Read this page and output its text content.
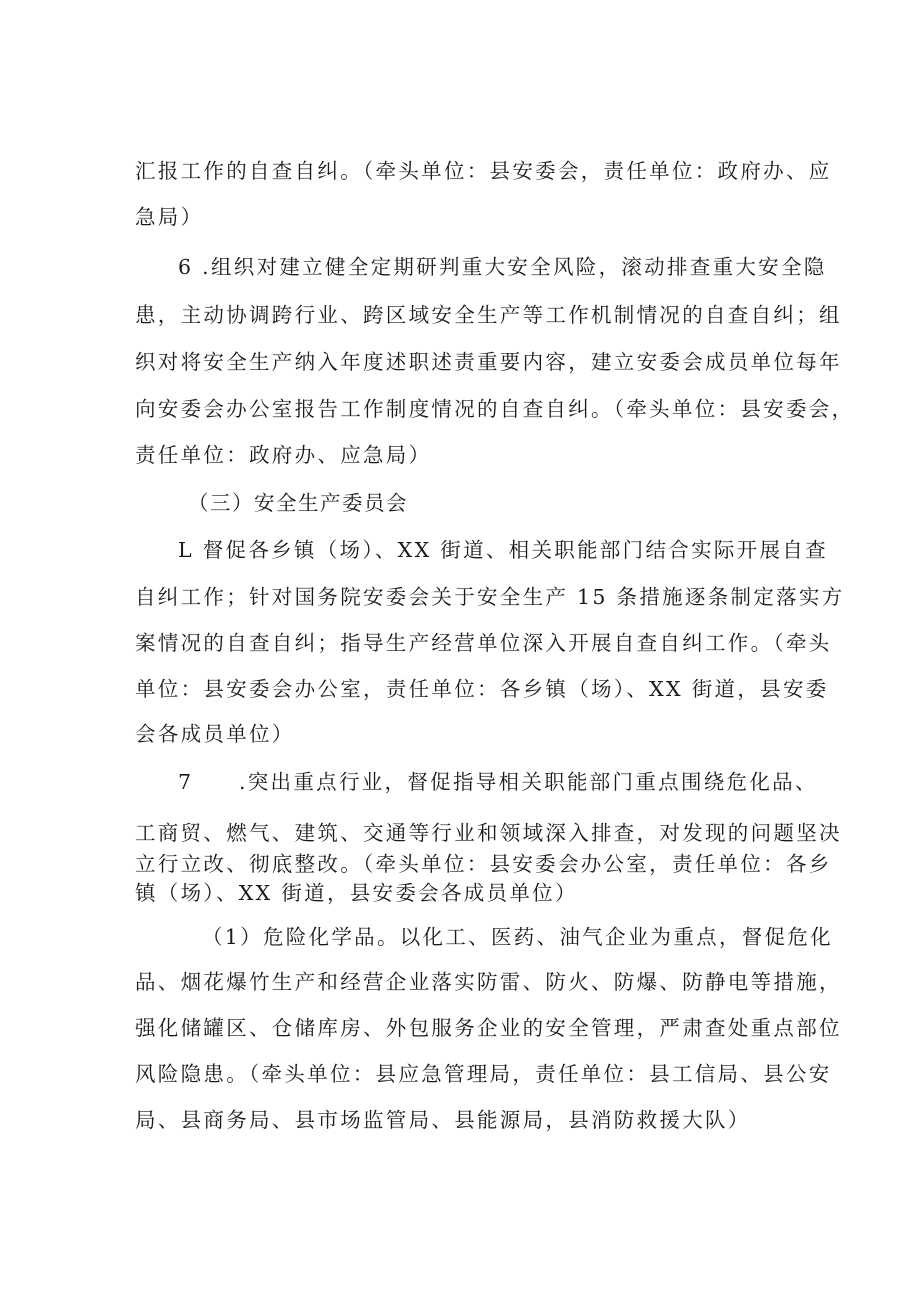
汇报工作的自查自纠。（牵头单位：县安委会，责任单位：政府办、应
急局）
6 .组织对建立健全定期研判重大安全风险，滚动排查重大安全隐
患，主动协调跨行业、跨区域安全生产等工作机制情况的自查自纠；组
织对将安全生产纳入年度述职述责重要内容，建立安委会成员单位每年
向安委会办公室报告工作制度情况的自查自纠。（牵头单位：县安委会，
责任单位：政府办、应急局）
（三）安全生产委员会
L 督促各乡镇（场）、XX 街道、相关职能部门结合实际开展自查
自纠工作；针对国务院安委会关于安全生产 15 条措施逐条制定落实方
案情况的自查自纠；指导生产经营单位深入开展自查自纠工作。（牵头
单位：县安委会办公室，责任单位：各乡镇（场）、XX 街道，县安委
会各成员单位）
7　　.突出重点行业，督促指导相关职能部门重点围绕危化品、
工商贸、燃气、建筑、交通等行业和领域深入排查，对发现的问题坚决
立行立改、彻底整改。（牵头单位：县安委会办公室，责任单位：各乡
镇（场）、XX 街道，县安委会各成员单位）
（1）危险化学品。以化工、医药、油气企业为重点，督促危化
品、烟花爆竹生产和经营企业落实防雷、防火、防爆、防静电等措施，
强化储罐区、仓储库房、外包服务企业的安全管理，严肃查处重点部位
风险隐患。（牵头单位：县应急管理局，责任单位：县工信局、县公安
局、县商务局、县市场监管局、县能源局，县消防救援大队）
